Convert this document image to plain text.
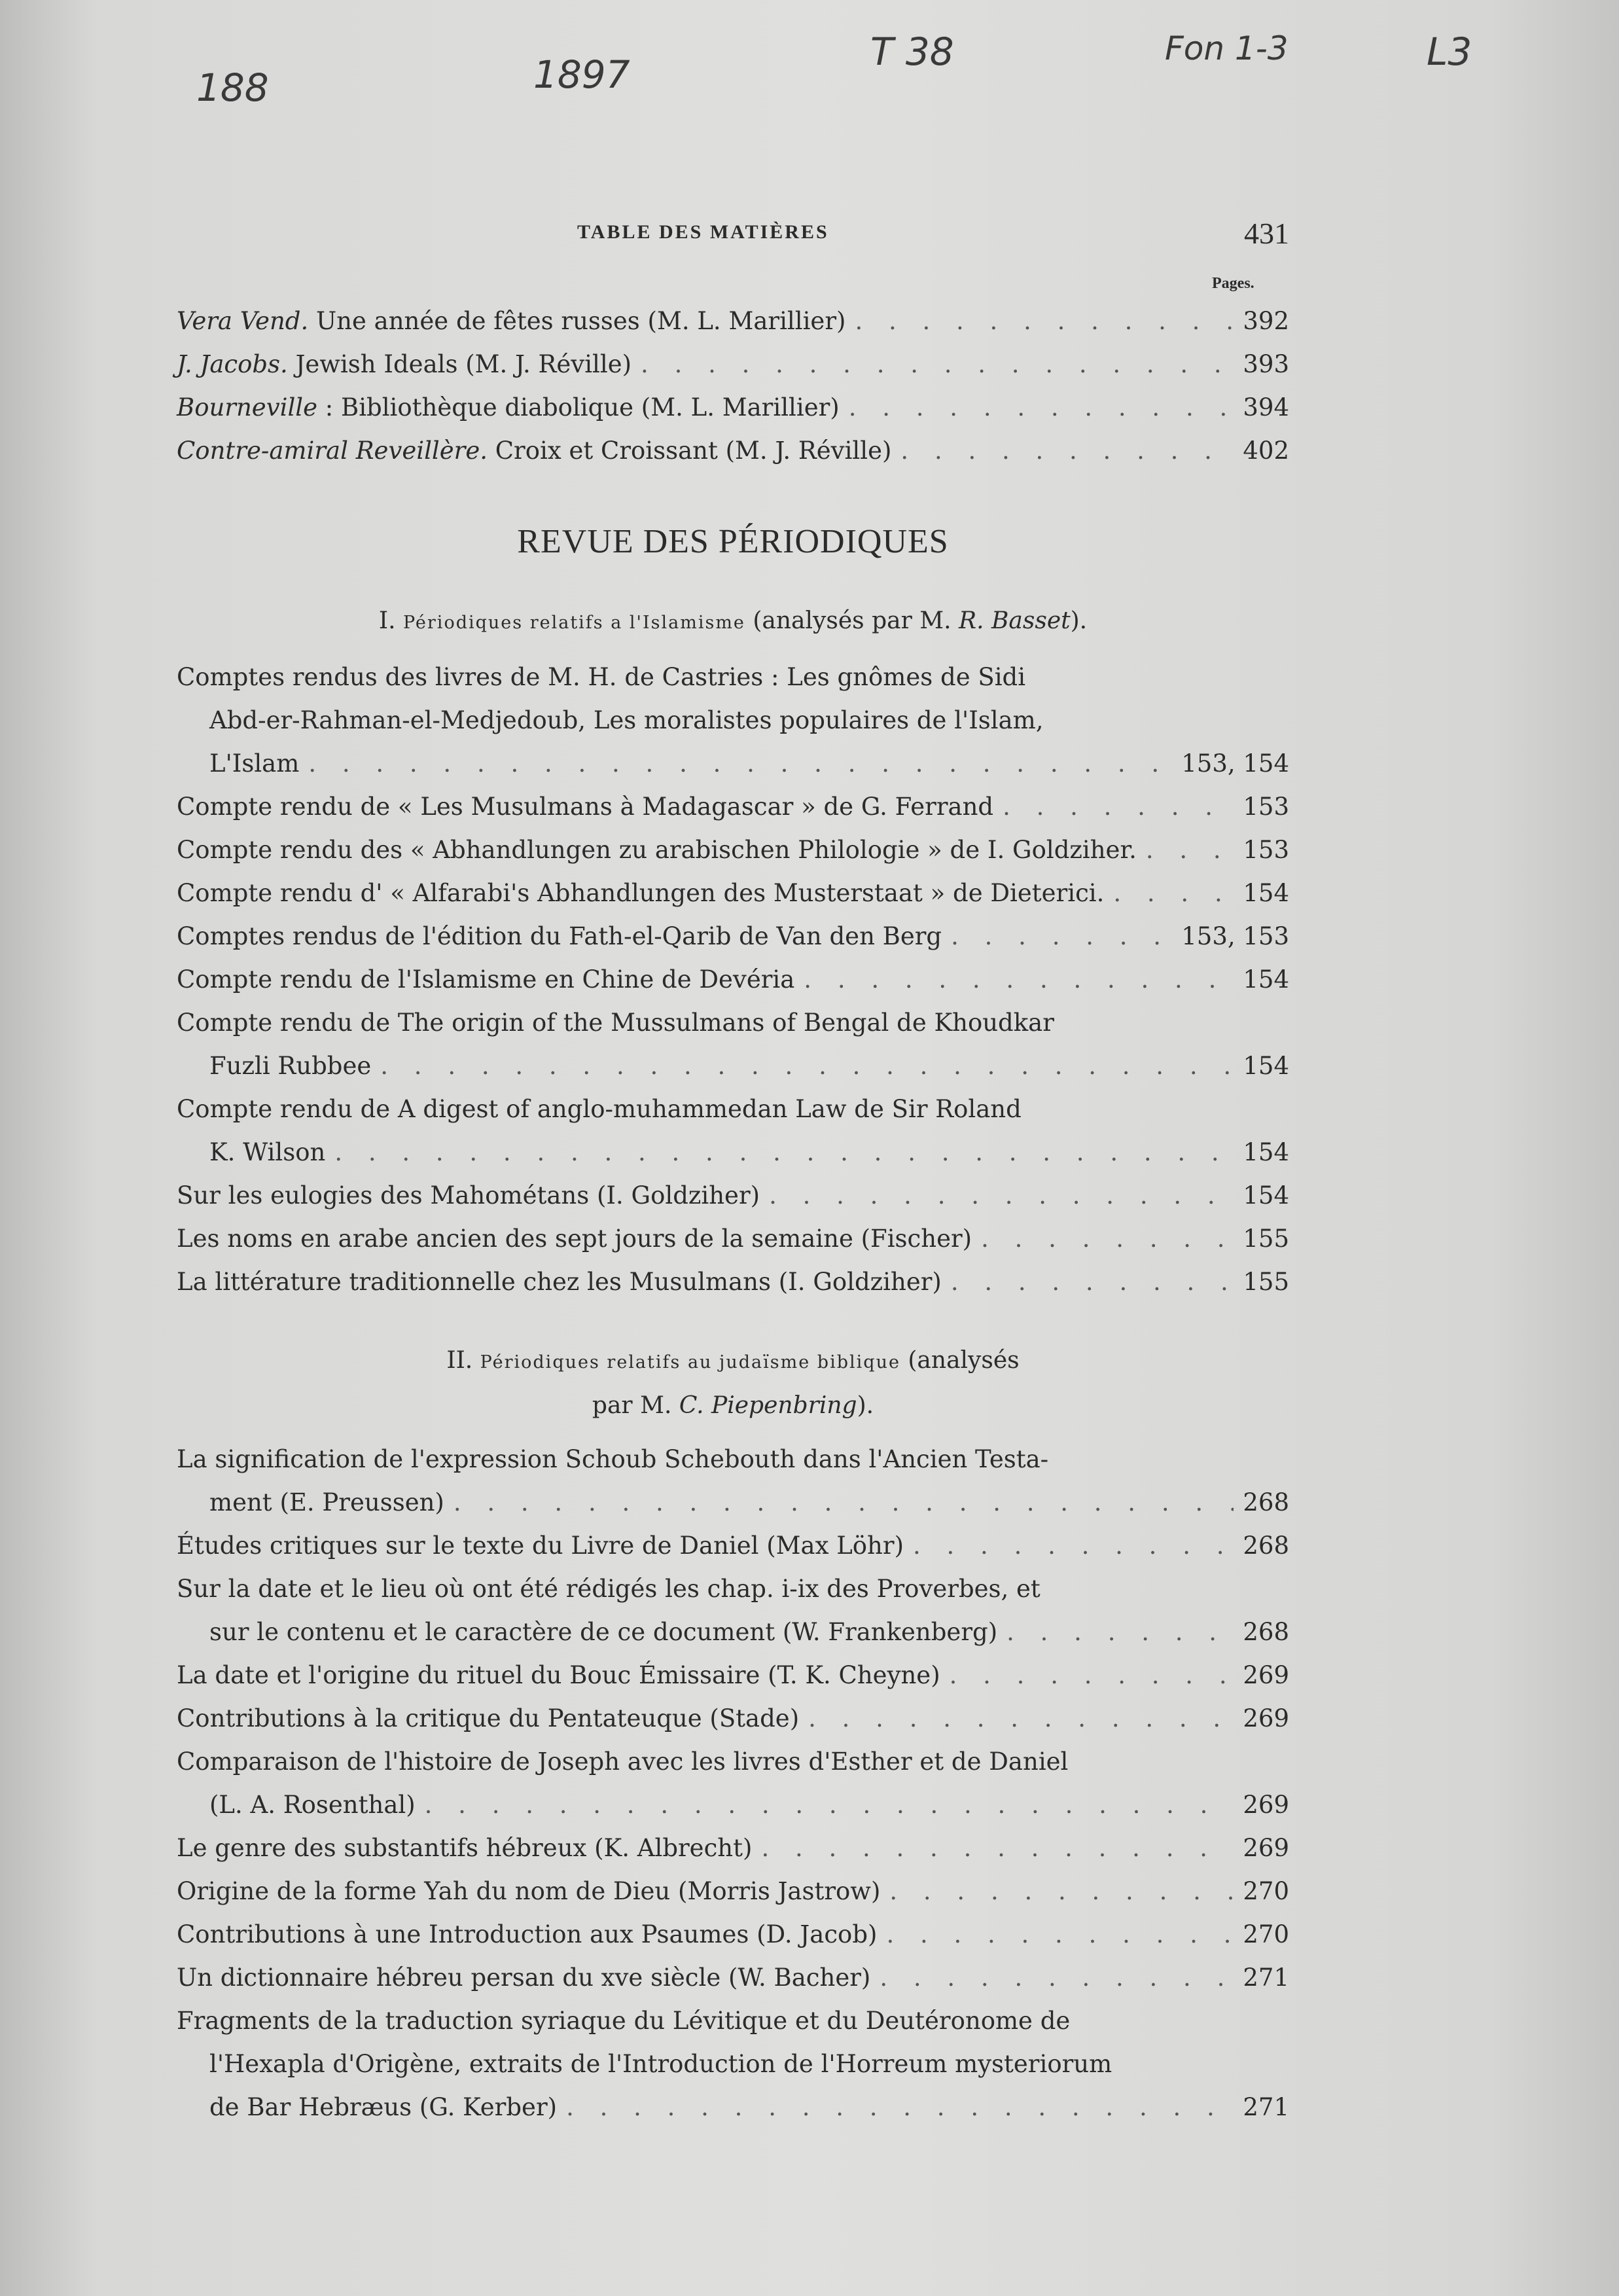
188	1897
T 38	Fon 1-3	L3
TABLE DES MATIÈRES	431
Pages.
Vera Vend. Une année de fêtes russes (M. L. Marillier) . . .	392
J. Jacobs. Jewish Ideals (M. J. Réville) . . .	393
Bourneville : Bibliothèque diabolique (M. L. Marillier) . . .	394
Contre-amiral Reveillère. Croix et Croissant (M. J. Réville) . . .	402
REVUE DES PÉRIODIQUES
I. Périodiques relatifs a l'Islamisme (analysés par M. R. Basset).
Comptes rendus des livres de M. H. de Castries : Les gnômes de Sidi
Abd-er-Rahman-el-Medjedoub, Les moralistes populaires de l'Islam,
L'Islam . . .	153, 154
Compte rendu de « Les Musulmans à Madagascar » de G. Ferrand . . .	153
Compte rendu des « Abhandlungen zu arabischen Philologie » de I. Goldziher. . . .	153
Compte rendu d' « Alfarabi's Abhandlungen des Musterstaat » de Dieterici. . . .	154
Comptes rendus de l'édition du Fath-el-Qarib de Van den Berg . . .	153, 153
Compte rendu de l'Islamisme en Chine de Devéria . . .	154
Compte rendu de The origin of the Mussulmans of Bengal de Khoudkar
Fuzli Rubbee . . .	154
Compte rendu de A digest of anglo-muhammedan Law de Sir Roland
K. Wilson . . .	154
Sur les eulogies des Mahométans (I. Goldziher) . . .	154
Les noms en arabe ancien des sept jours de la semaine (Fischer) . . .	155
La littérature traditionnelle chez les Musulmans (I. Goldziher) . . .	155
II. Périodiques relatifs au judaïsme biblique (analysés
par M. C. Piepenbring).
La signification de l'expression Schoub Schebouth dans l'Ancien Testa-
ment (E. Preussen) . . .	268
Études critiques sur le texte du Livre de Daniel (Max Löhr) . . .	268
Sur la date et le lieu où ont été rédigés les chap. i-ix des Proverbes, et
sur le contenu et le caractère de ce document (W. Frankenberg) . . .	268
La date et l'origine du rituel du Bouc Émissaire (T. K. Cheyne) . . .	269
Contributions à la critique du Pentateuque (Stade) . . .	269
Comparaison de l'histoire de Joseph avec les livres d'Esther et de Daniel
(L. A. Rosenthal) . . .	269
Le genre des substantifs hébreux (K. Albrecht) . . .	269
Origine de la forme Yah du nom de Dieu (Morris Jastrow) . . .	270
Contributions à une Introduction aux Psaumes (D. Jacob) . . .	270
Un dictionnaire hébreu persan du xve siècle (W. Bacher) . . .	271
Fragments de la traduction syriaque du Lévitique et du Deutéronome de
l'Hexapla d'Origène, extraits de l'Introduction de l'Horreum mysteriorum
de Bar Hebræus (G. Kerber) . . .	271
